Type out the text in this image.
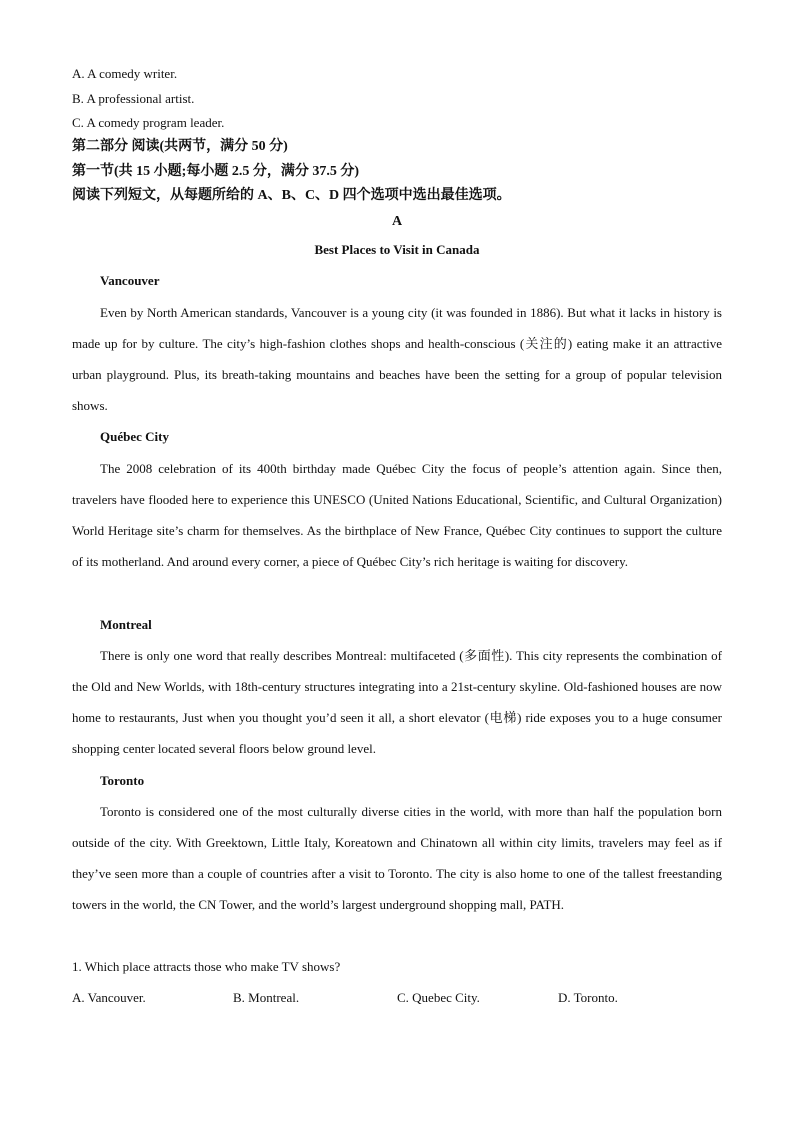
A. A comedy writer.
B. A professional artist.
C. A comedy program leader.
第二部分 阅读(共两节，满分 50 分)
第一节(共 15 小题;每小题 2.5 分，满分 37.5 分)
阅读下列短文，从每题所给的 A、B、C、D 四个选项中选出最佳选项。
A
Best Places to Visit in Canada
Vancouver
Even by North American standards, Vancouver is a young city (it was founded in 1886). But what it lacks in history is made up for by culture. The city’s high-fashion clothes shops and health-conscious (关注的) eating make it an attractive urban playground. Plus, its breath-taking mountains and beaches have been the setting for a group of popular television shows.
Québec City
The 2008 celebration of its 400th birthday made Québec City the focus of people’s attention again. Since then, travelers have flooded here to experience this UNESCO (United Nations Educational, Scientific, and Cultural Organization) World Heritage site’s charm for themselves. As the birthplace of New France, Québec City continues to support the culture of its motherland. And around every corner, a piece of Québec City’s rich heritage is waiting for discovery.
Montreal
There is only one word that really describes Montreal: multifaceted (多面性). This city represents the combination of the Old and New Worlds, with 18th-century structures integrating into a 21st-century skyline. Old-fashioned houses are now home to restaurants, Just when you thought you’d seen it all, a short elevator (电梯) ride exposes you to a huge consumer shopping center located several floors below ground level.
Toronto
Toronto is considered one of the most culturally diverse cities in the world, with more than half the population born outside of the city. With Greektown, Little Italy, Koreatown and Chinatown all within city limits, travelers may feel as if they’ve seen more than a couple of countries after a visit to Toronto. The city is also home to one of the tallest freestanding towers in the world, the CN Tower, and the world’s largest underground shopping mall, PATH.
1. Which place attracts those who make TV shows?
A. Vancouver.	B. Montreal.	C. Quebec City.	D. Toronto.
